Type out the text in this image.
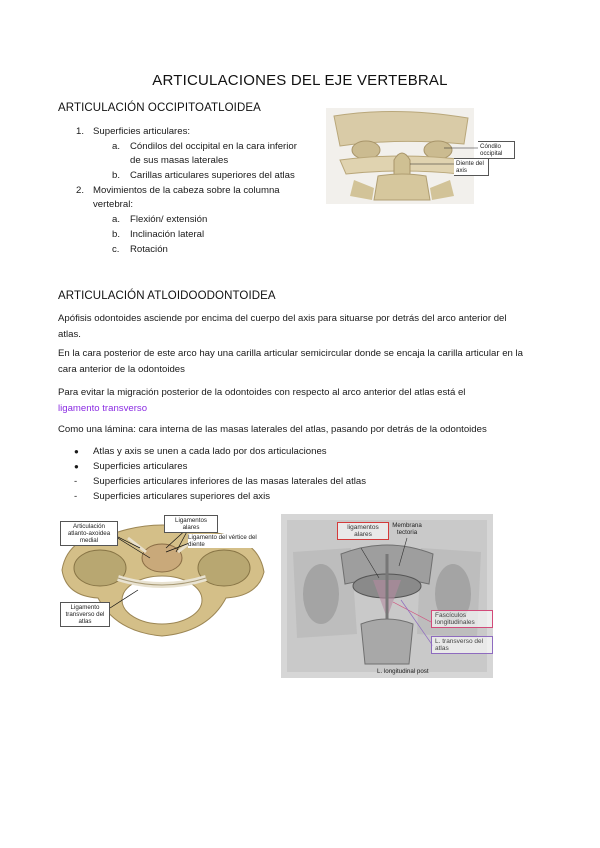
ARTICULACIONES DEL EJE VERTEBRAL
ARTICULACIÓN OCCIPITOATLOIDEA
1. Superficies articulares:
a. Cóndilos del occipital en la cara inferior
de sus masas laterales
b. Carillas articulares superiores del atlas
2. Movimientos de la cabeza sobre la columna
vertebral:
a. Flexión/ extensión
b. Inclinación lateral
c. Rotación
Cóndilo occipital
Diente del axis
ARTICULACIÓN ATLOIDOODONTOIDEA
Apófisis odontoides asciende por encima del cuerpo del axis para situarse por detrás del arco anterior del atlas.
En la cara posterior de este arco hay una carilla articular semicircular donde se encaja la carilla articular en la cara anterior de la odontoides
Para evitar la migración posterior de la odontoides con respecto al arco anterior del atlas está el
ligamento transverso
Como una lámina: cara interna de las masas laterales del atlas, pasando por detrás de la odontoides
● Atlas y axis se unen a cada lado por dos articulaciones
● Superficies articulares
- Superficies articulares inferiores de las masas laterales del atlas
- Superficies articulares superiores del axis
Articulación atlanto-axoidea medial
Ligamentos alares
Ligamento del vértice del diente
Ligamento transverso del atlas
ligamentos alares
Membrana tectoria
Fascículos longitudinales
L. transverso del atlas
L. longitudinal post
